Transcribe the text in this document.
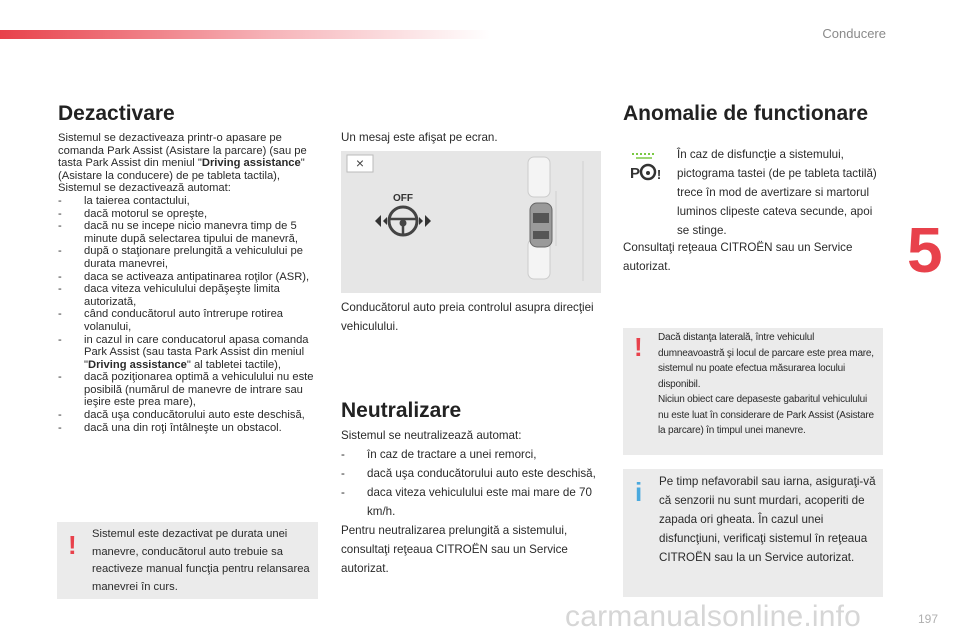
Conducere
5
Dezactivare

Sistemul se dezactiveaza printr-o apasare pe comanda Park Assist (Asistare la parcare) (sau pe tasta Park Assist din meniul "Driving assistance" (Asistare la conducere) de pe tableta tactila),

Sistemul se dezactivează automat:

- la taierea contactului,
- dacă motorul se opreşte,
- dacă nu se incepe nicio manevra timp de 5 minute după selectarea tipului de manevră,
- după o staţionare prelungită a vehiculului pe durata manevrei,
- daca se activeaza antipatinarea roţilor (ASR),
- daca viteza vehiculului depăşeşte limita autorizată,
- când conducătorul auto întrerupe rotirea volanului,
- in cazul in care conducatorul apasa comanda Park Assist (sau tasta Park Assist din meniul "Driving assistance" al tabletei tactile),
- dacă poziţionarea optimă a vehiculului nu este posibilă (numărul de manevre de intrare sau ieşire este prea mare),
- dacă uşa conducătorului auto este deschisă,
- dacă una din roţi întâlneşte un obstacol.
! Sistemul este dezactivat pe durata unei manevre, conducătorul auto trebuie sa reactiveze manual funcţia pentru relansarea manevrei în curs.
Un mesaj este afişat pe ecran.
×
OFF
Conducătorul auto preia controlul asupra direcţiei vehiculului.
Neutralizare

Sistemul se neutralizează automat:

- în caz de tractare a unei remorci,
- dacă uşa conducătorului auto este deschisă,
- daca viteza vehiculului este mai mare de 70 km/h.

Pentru neutralizarea prelungită a sistemului, consultaţi reţeaua CITROËN sau un Service autorizat.

Anomalie de functionare
P !
În caz de disfuncţie a sistemului, pictograma tastei (de pe tableta tactilă) trece în mod de avertizare si martorul luminos clipeste cateva secunde, apoi se stinge.
Consultaţi reţeaua CITROËN sau un Service autorizat.
! Dacă distanţa laterală, între vehiculul dumneavoastră şi locul de parcare este prea mare, sistemul nu poate efectua măsurarea locului disponibil.

Niciun obiect care depaseste gabaritul vehiculului nu este luat în considerare de Park Assist (Asistare la parcare) în timpul unei manevre.

i Pe timp nefavorabil sau iarna, asiguraţi-vă că senzorii nu sunt murdari, acoperiti de zapada ori gheata. În cazul unei disfuncţiuni, verificaţi sistemul în reţeaua CITROËN sau la un Service autorizat.
carmanualsonline.info	197
